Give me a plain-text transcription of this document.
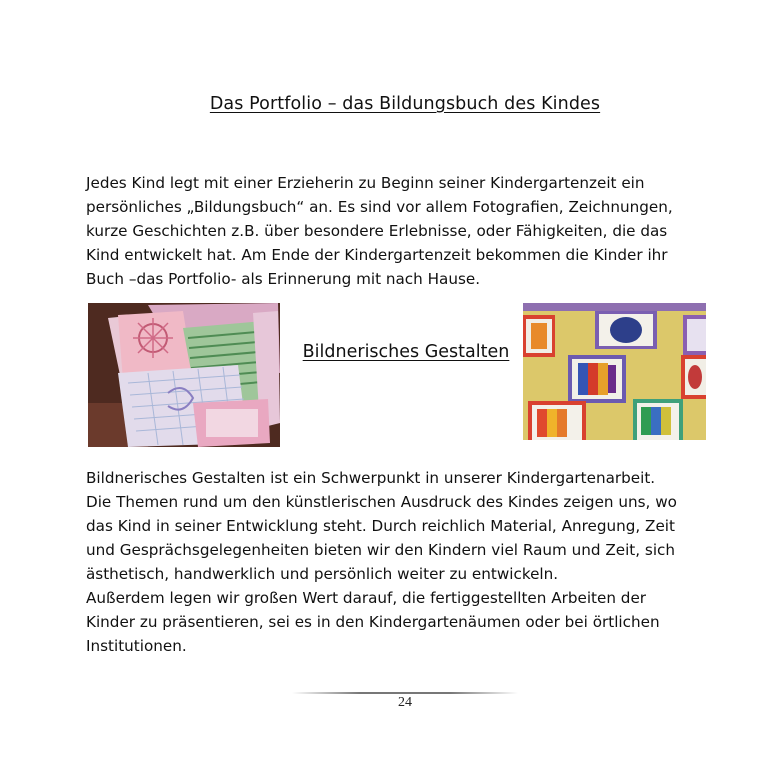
Das Portfolio – das Bildungsbuch des Kindes
Jedes Kind legt mit einer Erzieherin zu Beginn seiner Kindergartenzeit ein
persönliches „Bildungsbuch“ an. Es sind vor allem Fotografien, Zeichnungen,
kurze Geschichten z.B. über besondere Erlebnisse, oder Fähigkeiten, die das
Kind entwickelt hat. Am Ende der Kindergartenzeit bekommen die Kinder ihr
Buch –das Portfolio- als Erinnerung mit nach Hause.
Bildnerisches Gestalten
Bildnerisches Gestalten ist ein Schwerpunkt in unserer Kindergartenarbeit.
Die Themen rund um den künstlerischen Ausdruck des Kindes zeigen uns, wo
das Kind in seiner Entwicklung steht. Durch reichlich Material, Anregung, Zeit
und Gesprächsgelegenheiten bieten wir den Kindern viel Raum und Zeit, sich
ästhetisch, handwerklich und persönlich weiter zu entwickeln.
Außerdem legen wir großen Wert darauf, die fertiggestellten Arbeiten der
Kinder zu präsentieren, sei es in den Kindergartenäumen oder bei örtlichen
Institutionen.
24
